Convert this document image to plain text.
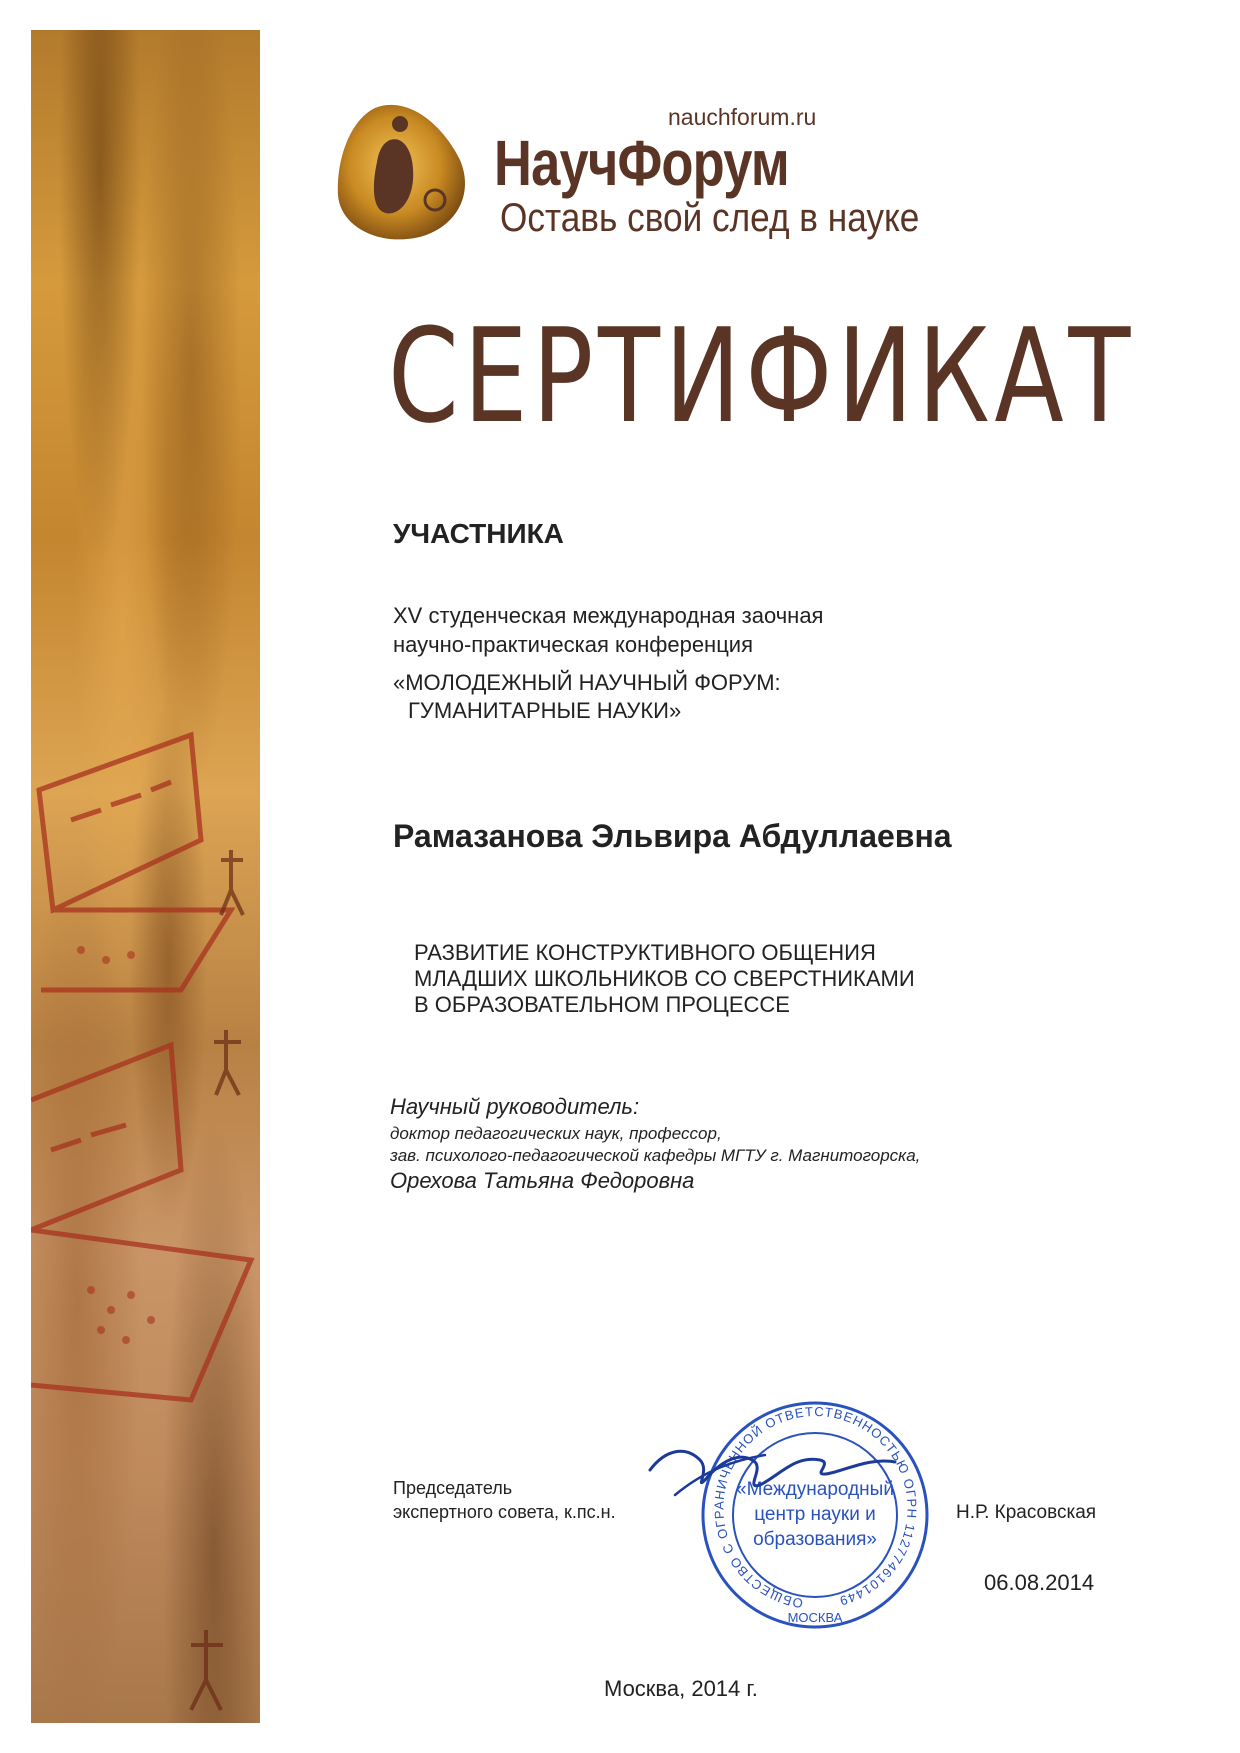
nauchforum.ru
НаучФорум
Оставь свой след в науке
СЕРТИФИКАТ
УЧАСТНИКА
XV студенческая международная заочная
научно-практическая конференция
«МОЛОДЕЖНЫЙ НАУЧНЫЙ ФОРУМ:
ГУМАНИТАРНЫЕ НАУКИ»
Рамазанова Эльвира Абдуллаевна
РАЗВИТИЕ КОНСТРУКТИВНОГО ОБЩЕНИЯ
МЛАДШИХ ШКОЛЬНИКОВ СО СВЕРСТНИКАМИ
В ОБРАЗОВАТЕЛЬНОМ ПРОЦЕССЕ
Научный руководитель:
доктор педагогических наук, профессор,
зав. психолого-педагогической кафедры МГТУ г. Магнитогорска,
Орехова Татьяна Федоровна
Председатель
экспертного совета, к.пс.н.	Н.Р. Красовская
06.08.2014
ОБЩЕСТВО С ОГРАНИЧЕННОЙ ОТВЕТСТВЕННОСТЬЮ ОГРН 1127746101449
МОСКВА
«Международный
центр науки и
образования»
Москва, 2014 г.
